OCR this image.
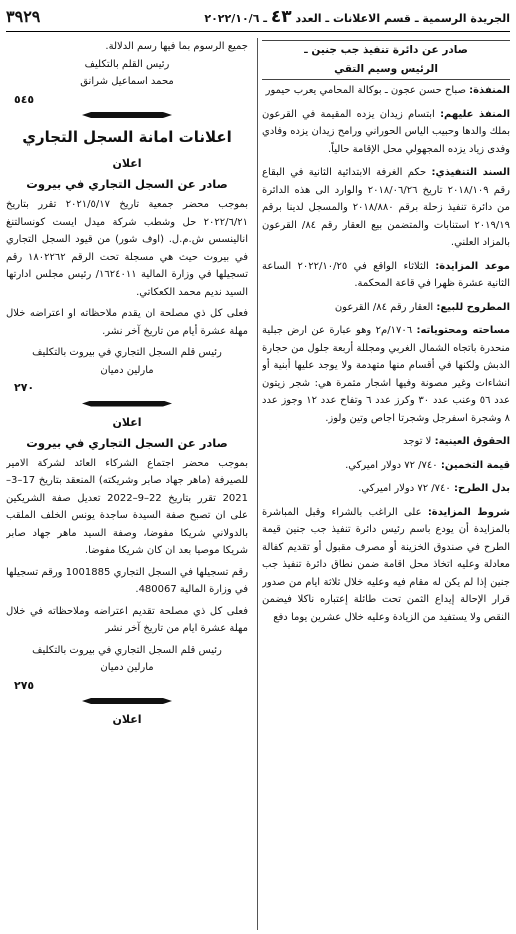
الجريدة الرسمية ـ قسم الاعلانات ـ العدد ٤٣ ـ ٢٠٢٢/١٠/٦
٣٩٢٩
صادر عن دائرة تنفيذ جب جنين ـ
الرئيس وسيم التقي
المنفذة: صباح حسن عجون ـ بوكالة المحامي يعرب حيمور
المنفذ عليهم: ابتسام زيدان يزده المقيمة في القرعون بملك والدها وحبيب الياس الحوراني ورامح زيدان يزده وفادي وفدى زياد يزده المجهولي محل الإقامة حالياً.
السند التنفيذي: حكم الغرفة الابتدائية الثانية في البقاع رقم ٢٠١٨/١٠٩ تاريخ ٢٠١٨/٠٦/٢٦ والوارد الى هذه الدائرة من دائرة تنفيذ زحلة برقم ٢٠١٨/٨٨٠ والمسجل لدينا برقم ٢٠١٩/١٩ استنابات والمتضمن بيع العقار رقم ٨٤/ القرعون بالمزاد العلني.
موعد المزايدة: الثلاثاء الواقع في ٢٠٢٢/١٠/٢٥ الساعة الثانية عشرة ظهرا في قاعة المحكمة.
المطروح للبيع: العقار رقم ٨٤/ القرعون
مساحته ومحتوياته: ١٧٠٦/م٢ وهو عبارة عن ارض جبلية منحدرة باتجاه الشمال الغربي ومجللة أربعة جلول من حجارة الدبش ولكنها في أقسام منها متهدمة ولا يوجد عليها أبنية أو انشاءات وغير مصونة وفيها اشجار مثمرة هي: شجر زيتون عدد ٥٦ وعنب عدد ٣٠ وكرز عدد ٦ وتفاح عدد ١٢ وجوز عدد ٨ وشجرة اسفرجل وشجرتا اجاص وتين ولوز.
الحقوق العينية: لا توجد
قيمة التخمين: ٧٤٠/ ٧٢ دولار اميركي.
بدل الطرح: ٧٤٠/ ٧٢ دولار اميركي.
شروط المزايدة: على الراغب بالشراء وقبل المباشرة بالمزايدة أن يودع باسم رئيس دائرة تنفيذ جب جنين قيمة الطرح في صندوق الخزينة أو مصرف مقبول أو تقديم كفالة معادلة وعليه اتخاذ محل اقامة ضمن نطاق دائرة تنفيذ جب جنين إذا لم يكن له مقام فيه وعليه خلال ثلاثة ايام من صدور قرار الإحالة إيداع الثمن تحت طائلة إعتباره ناكلا فيضمن النقص ولا يستفيد من الزيادة وعليه خلال عشرين يوما دفع
جميع الرسوم بما فيها رسم الدلالة.
رئيس القلم بالتكليف
محمد اسماعيل شرانق
٥٤٥
اعلانات امانة السجل التجاري
اعلان
صادر عن السجل التجاري في بيروت
بموجب محضر جمعية تاريخ ٢٠٢١/٥/١٧ تقرر بتاريخ ٢٠٢٢/٦/٢١ حل وشطب شركة ميدل ايست كونسالتنغ انالينسس ش.م.ل. (اوف شور) من قيود السجل التجاري في بيروت حيث هي مسجلة تحت الرقم ١٨٠٢٢٦٢ رقم تسجيلها في وزارة المالية ١٦٢٤٠١١/ رئيس مجلس ادارتها السيد نديم محمد الكعكاتي.
فعلى كل ذي مصلحة ان يقدم ملاحظاته او اعتراضه خلال مهلة عشرة أيام من تاريخ آخر نشر.
رئيس قلم السجل التجاري في بيروت بالتكليف
مارلين دميان
٢٧٠
اعلان
صادر عن السجل التجاري في بيروت
بموجب محضر اجتماع الشركاء العائد لشركة الامير للصيرفة (ماهر جهاد صابر وشريكته) المنعقد بتاريخ 17–3–2021 تقرر بتاريخ 22–9–2022 تعديل صفة الشريكين على ان تصبح صفة السيدة ساجدة يونس الخلف الملقب بالدولاني شريكا مفوضا، وصفة السيد ماهر جهاد صابر شريكا موصيا بعد ان كان شريكا مفوضا.
رقم تسجيلها في السجل التجاري 1001885 ورقم تسجيلها في وزارة المالية 480067.
فعلى كل ذي مصلحة تقديم اعتراضه وملاحظاته في خلال مهلة عشرة ايام من تاريخ آخر نشر
رئيس قلم السجل التجاري في بيروت بالتكليف
مارلين دميان
٢٧٥
اعلان
